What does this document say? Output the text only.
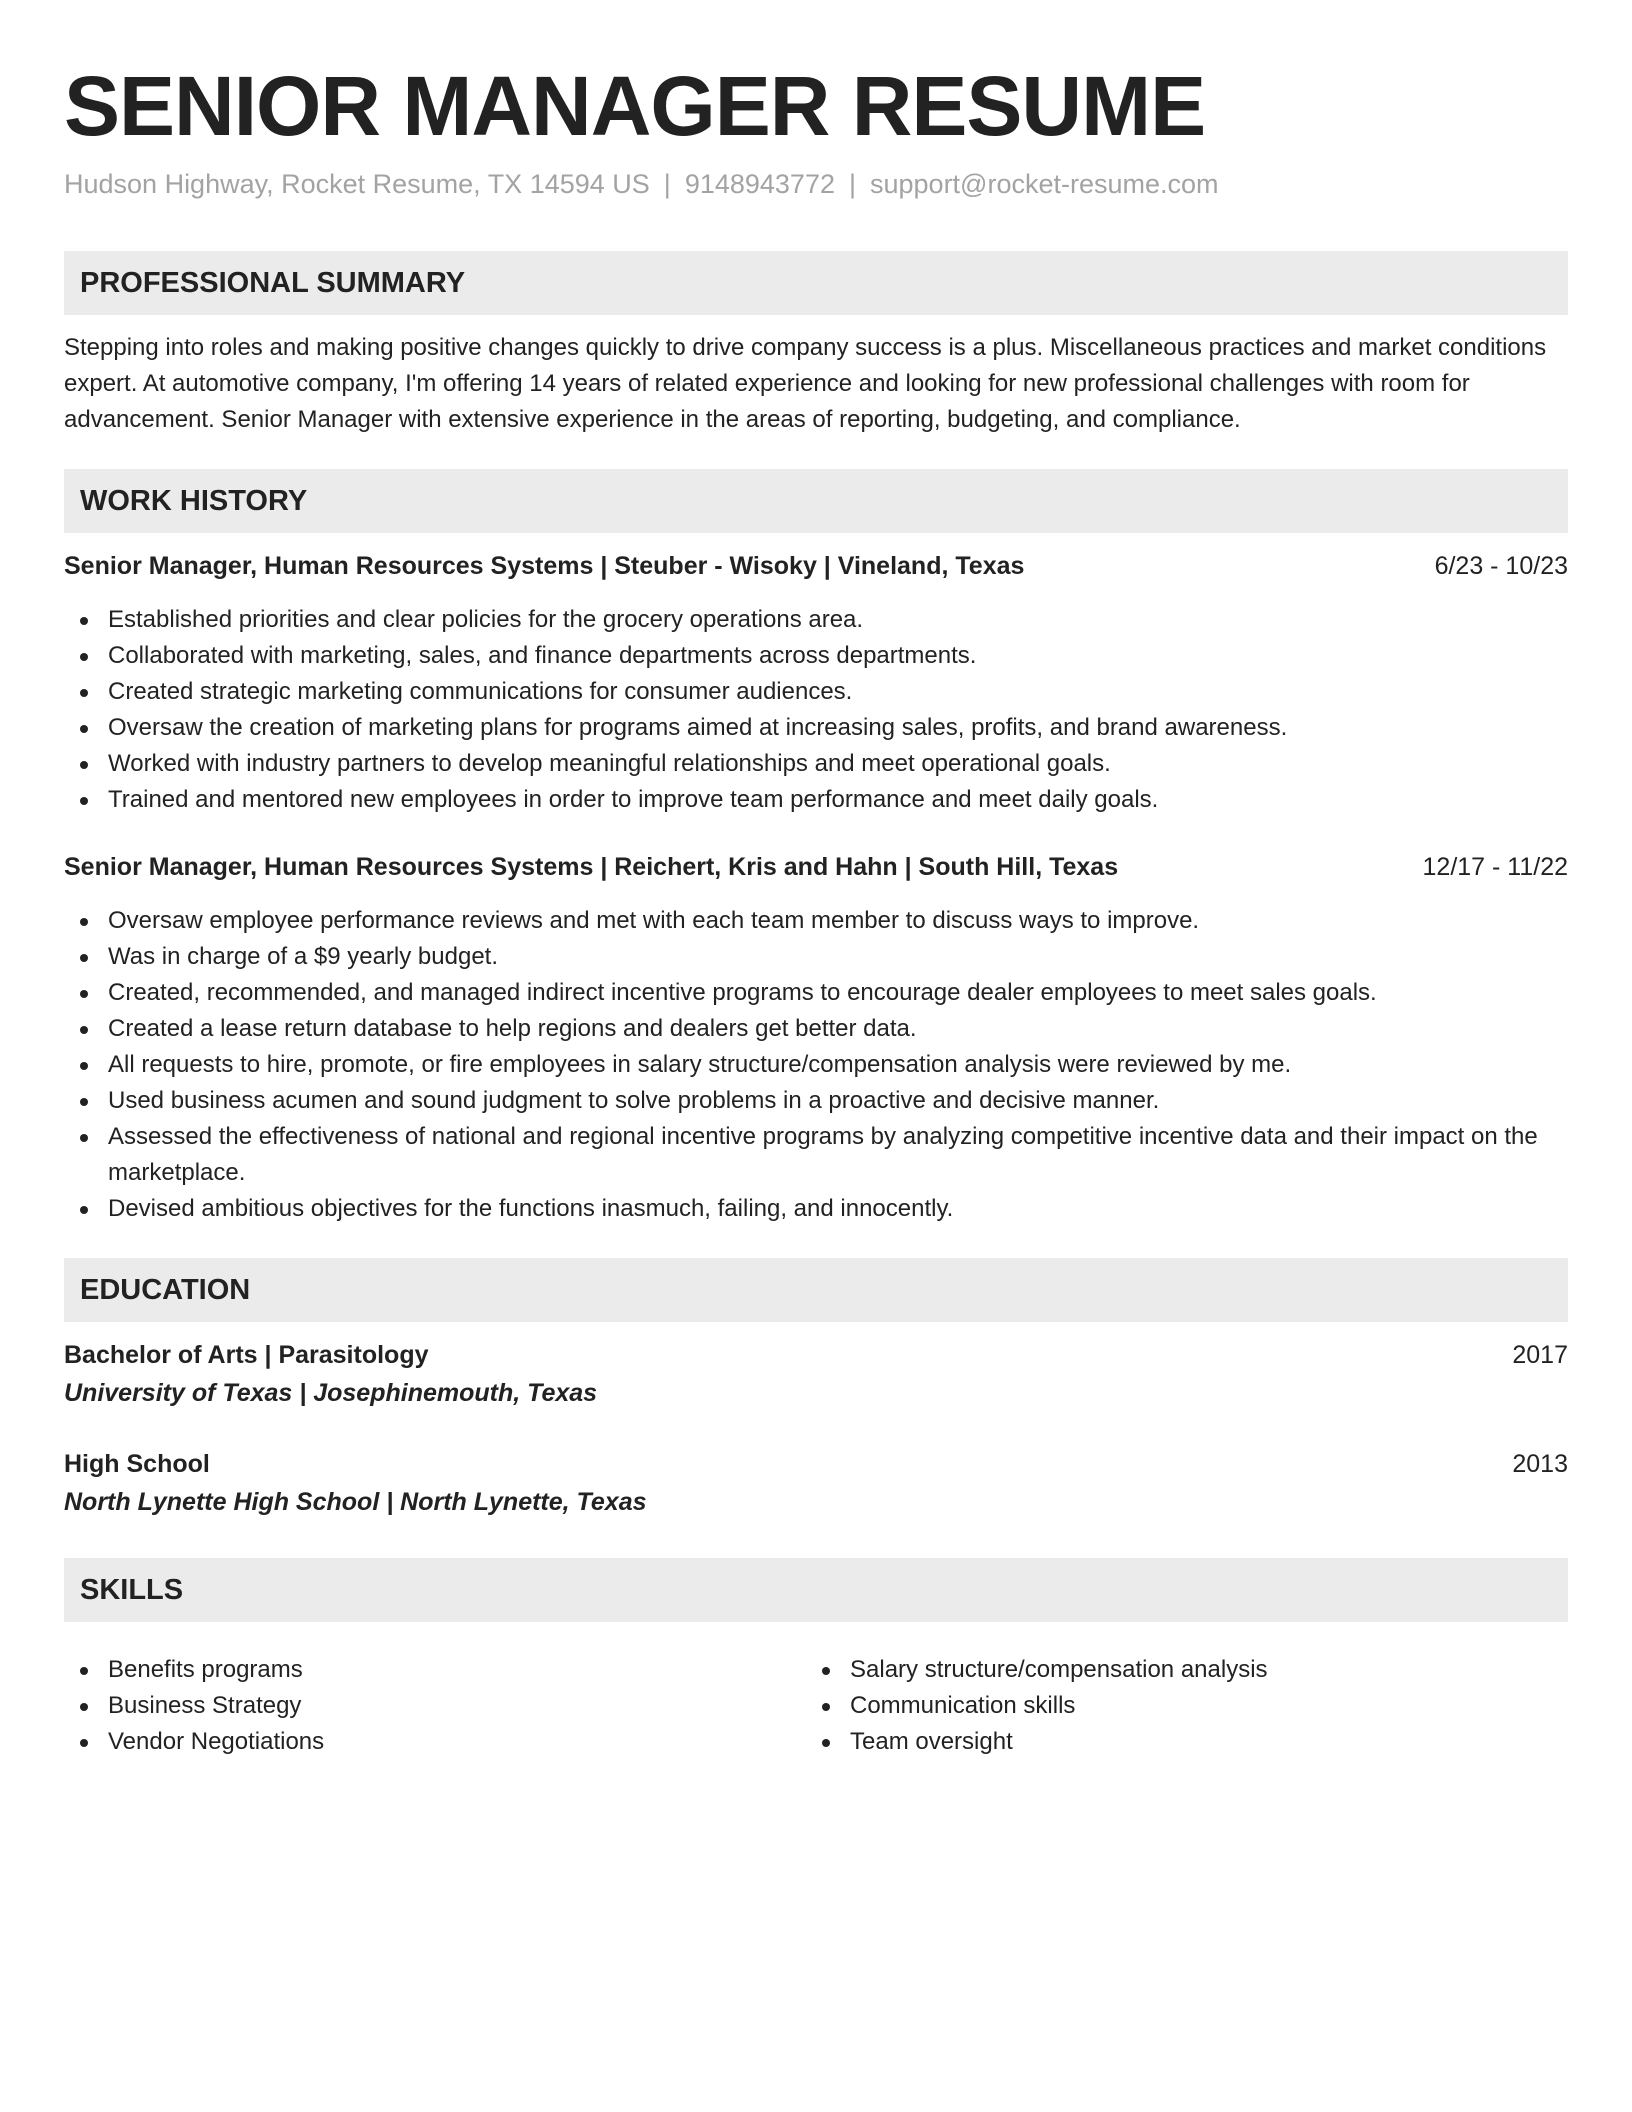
SENIOR MANAGER RESUME
Hudson Highway, Rocket Resume, TX 14594 US | 9148943772 | support@rocket-resume.com
PROFESSIONAL SUMMARY
Stepping into roles and making positive changes quickly to drive company success is a plus. Miscellaneous practices and market conditions expert. At automotive company, I'm offering 14 years of related experience and looking for new professional challenges with room for advancement. Senior Manager with extensive experience in the areas of reporting, budgeting, and compliance.
WORK HISTORY
Senior Manager, Human Resources Systems | Steuber - Wisoky | Vineland, Texas	6/23 - 10/23
Established priorities and clear policies for the grocery operations area.
Collaborated with marketing, sales, and finance departments across departments.
Created strategic marketing communications for consumer audiences.
Oversaw the creation of marketing plans for programs aimed at increasing sales, profits, and brand awareness.
Worked with industry partners to develop meaningful relationships and meet operational goals.
Trained and mentored new employees in order to improve team performance and meet daily goals.
Senior Manager, Human Resources Systems | Reichert, Kris and Hahn | South Hill, Texas	12/17 - 11/22
Oversaw employee performance reviews and met with each team member to discuss ways to improve.
Was in charge of a $9 yearly budget.
Created, recommended, and managed indirect incentive programs to encourage dealer employees to meet sales goals.
Created a lease return database to help regions and dealers get better data.
All requests to hire, promote, or fire employees in salary structure/compensation analysis were reviewed by me.
Used business acumen and sound judgment to solve problems in a proactive and decisive manner.
Assessed the effectiveness of national and regional incentive programs by analyzing competitive incentive data and their impact on the marketplace.
Devised ambitious objectives for the functions inasmuch, failing, and innocently.
EDUCATION
Bachelor of Arts | Parasitology	2017
University of Texas | Josephinemouth, Texas
High School	2013
North Lynette High School | North Lynette, Texas
SKILLS
Benefits programs
Business Strategy
Vendor Negotiations
Salary structure/compensation analysis
Communication skills
Team oversight
